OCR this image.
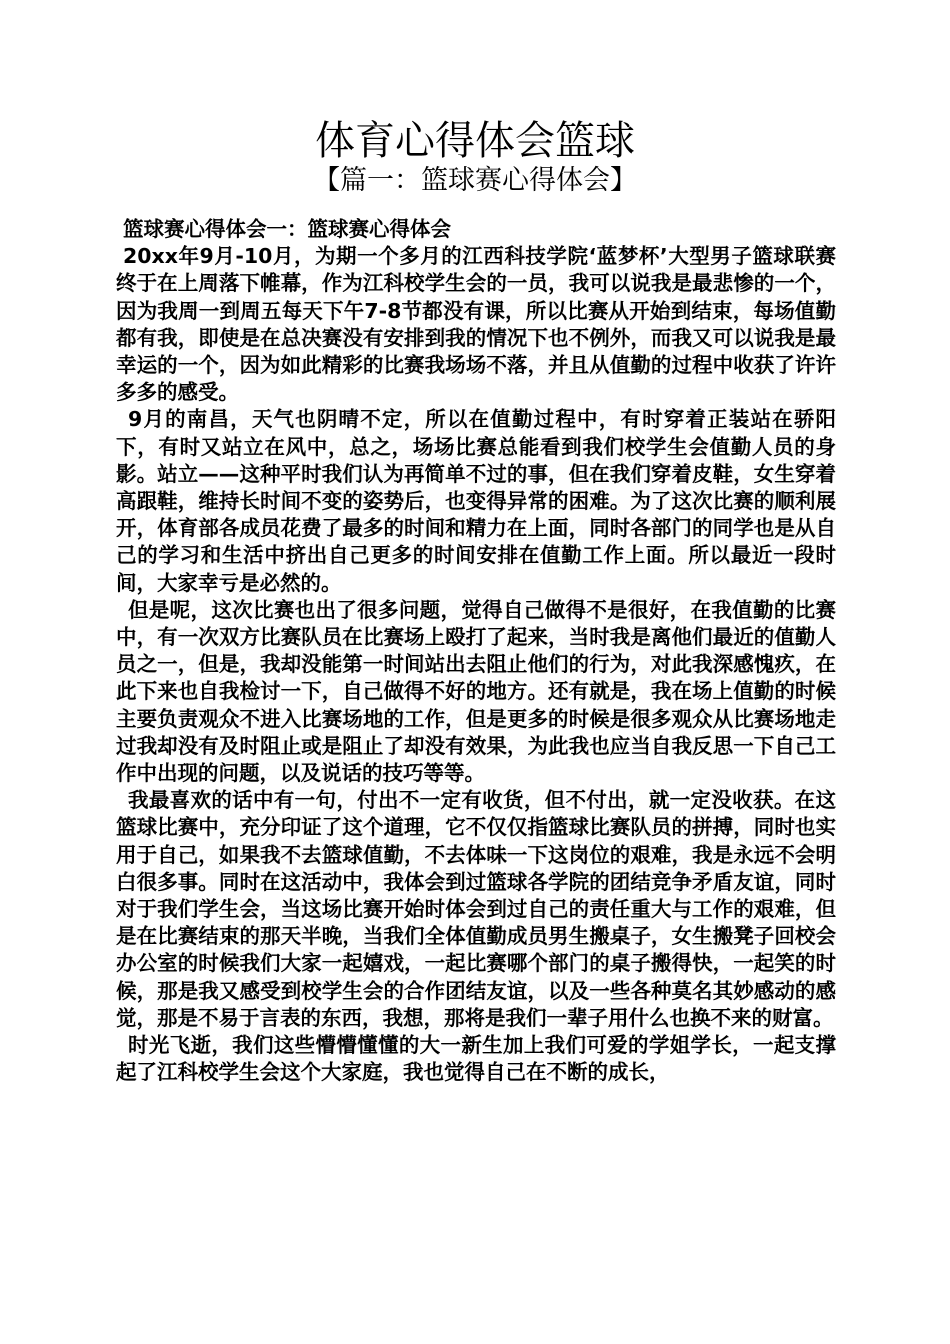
体育心得体会篮球
【篇一：篮球赛心得体会】

篮球赛心得体会一：篮球赛心得体会

20xx年9月-10月，为期一个多月的江西科技学院‘蓝梦杯’大型男子篮球联赛终于在上周落下帷幕，作为江科校学生会的一员，我可以说我是最悲惨的一个，因为我周一到周五每天下午7-8节都没有课，所以比赛从开始到结束，每场值勤都有我，即使是在总决赛没有安排到我的情况下也不例外，而我又可以说我是最幸运的一个，因为如此精彩的比赛我场场不落，并且从值勤的过程中收获了许许多多的感受。

9月的南昌，天气也阴晴不定，所以在值勤过程中，有时穿着正装站在骄阳下，有时又站立在风中，总之，场场比赛总能看到我们校学生会值勤人员的身影。站立——这种平时我们认为再简单不过的事，但在我们穿着皮鞋，女生穿着高跟鞋，维持长时间不变的姿势后，也变得异常的困难。为了这次比赛的顺利展开，体育部各成员花费了最多的时间和精力在上面，同时各部门的同学也是从自己的学习和生活中挤出自己更多的时间安排在值勤工作上面。所以最近一段时间，大家幸亏是必然的。

但是呢，这次比赛也出了很多问题，觉得自己做得不是很好，在我值勤的比赛中，有一次双方比赛队员在比赛场上殴打了起来，当时我是离他们最近的值勤人员之一，但是，我却没能第一时间站出去阻止他们的行为，对此我深感愧疚，在此下来也自我检讨一下，自己做得不好的地方。还有就是，我在场上值勤的时候主要负责观众不进入比赛场地的工作，但是更多的时候是很多观众从比赛场地走过我却没有及时阻止或是阻止了却没有效果，为此我也应当自我反思一下自己工作中出现的问题，以及说话的技巧等等。

我最喜欢的话中有一句，付出不一定有收货，但不付出，就一定没收获。在这篮球比赛中，充分印证了这个道理，它不仅仅指篮球比赛队员的拼搏，同时也实用于自己，如果我不去篮球值勤，不去体味一下这岗位的艰难，我是永远不会明白很多事。同时在这活动中，我体会到过篮球各学院的团结竞争矛盾友谊，同时对于我们学生会，当这场比赛开始时体会到过自己的责任重大与工作的艰难，但是在比赛结束的那天半晚，当我们全体值勤成员男生搬桌子，女生搬凳子回校会办公室的时候我们大家一起嬉戏，一起比赛哪个部门的桌子搬得快，一起笑的时候，那是我又感受到校学生会的合作团结友谊，以及一些各种莫名其妙感动的感觉，那是不易于言表的东西，我想，那将是我们一辈子用什么也换不来的财富。

时光飞逝，我们这些懵懵懂懂的大一新生加上我们可爱的学姐学长，一起支撑起了江科校学生会这个大家庭，我也觉得自己在不断的成长，
